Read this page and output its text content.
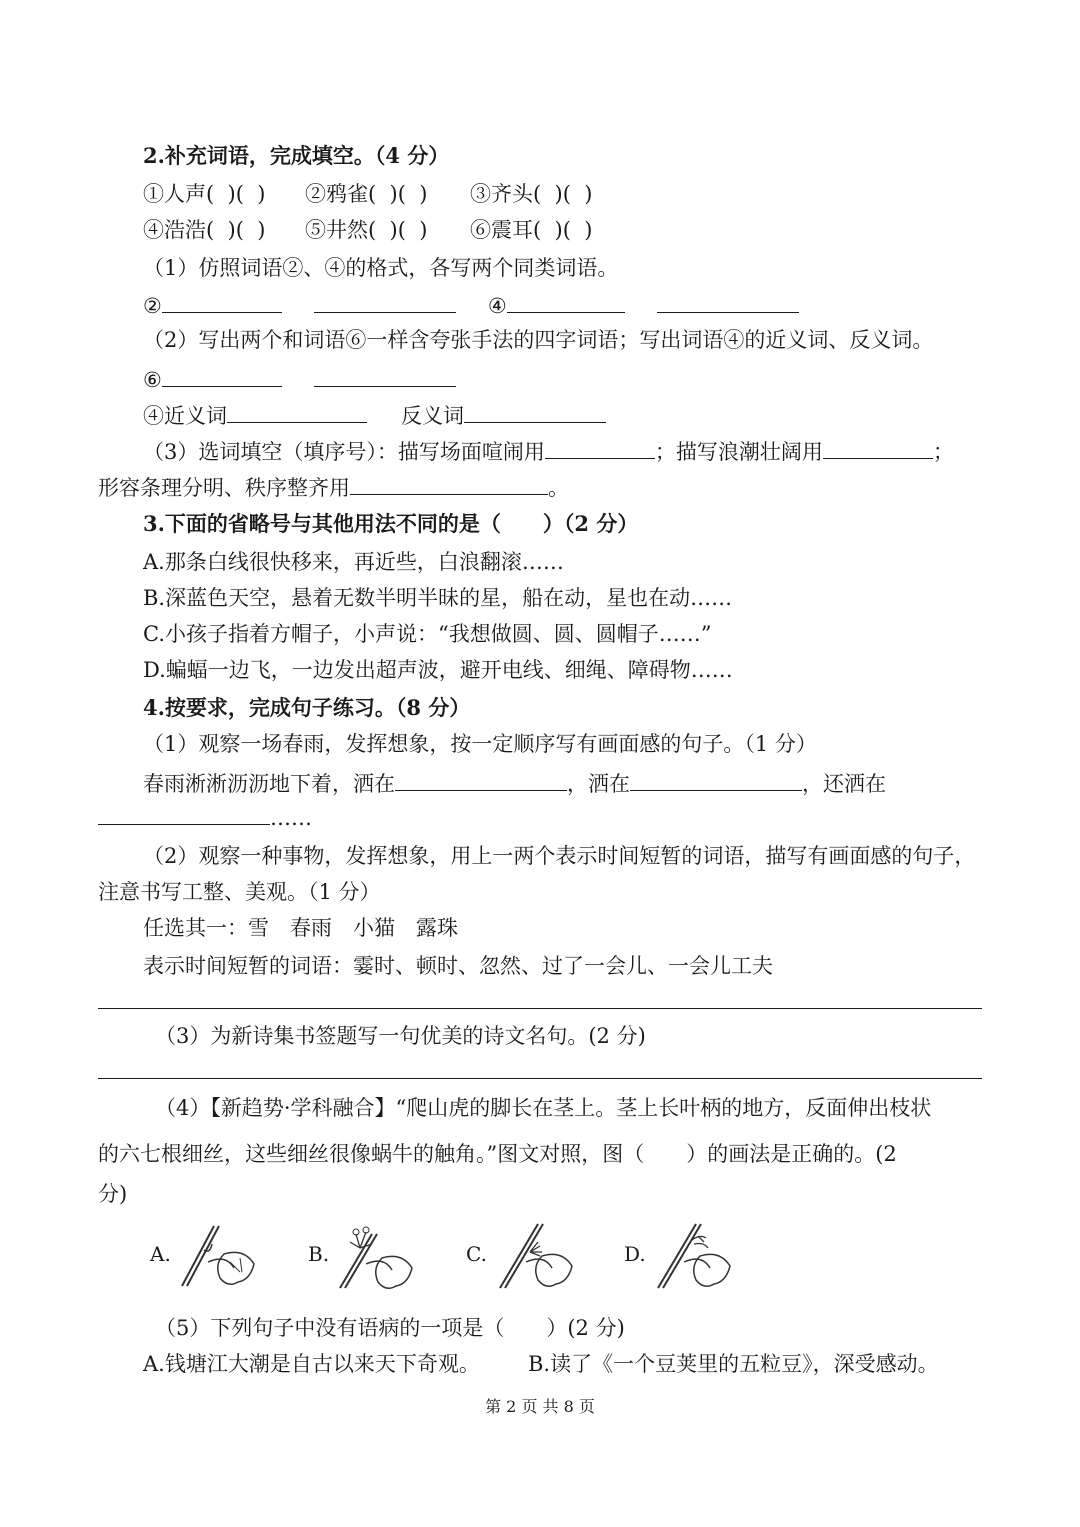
2.补充词语，完成填空。（4 分）
①人声(  )(  ) ②鸦雀(  )(  ) ③齐头(  )(  )
④浩浩(  )(  ) ⑤井然(  )(  ) ⑥震耳(  )(  )
（1）仿照词语②、④的格式，各写两个同类词语。
②	④
（2）写出两个和词语⑥一样含夸张手法的四字词语；写出词语④的近义词、反义词。
⑥
④近义词	反义词
（3）选词填空（填序号）：描写场面喧闹用	；描写浪潮壮阔用	；
形容条理分明、秩序整齐用	。
3.下面的省略号与其他用法不同的是（　　）（2 分）
A.那条白线很快移来，再近些，白浪翻滚……
B.深蓝色天空，悬着无数半明半昧的星，船在动，星也在动……
C.小孩子指着方帽子，小声说：“我想做圆、圆、圆帽子……”
D.蝙蝠一边飞，一边发出超声波，避开电线、细绳、障碍物……
4.按要求，完成句子练习。（8 分）
（1）观察一场春雨，发挥想象，按一定顺序写有画面感的句子。（1 分）
春雨淅淅沥沥地下着，洒在	，洒在	，还洒在
……
（2）观察一种事物，发挥想象，用上一两个表示时间短暂的词语，描写有画面感的句子，
注意书写工整、美观。（1 分）
任选其一：雪　春雨　小猫　露珠
表示时间短暂的词语：霎时、顿时、忽然、过了一会儿、一会儿工夫
（3）为新诗集书签题写一句优美的诗文名句。(2 分)
（4）【新趋势·学科融合】“爬山虎的脚长在茎上。茎上长叶柄的地方，反面伸出枝状
的六七根细丝，这些细丝很像蜗牛的触角。”图文对照，图（　　）的画法是正确的。(2
分)
A.	B.	C.	D.
（5）下列句子中没有语病的一项是（　　）(2 分)
A.钱塘江大潮是自古以来天下奇观。 B.读了《一个豆荚里的五粒豆》，深受感动。
第 2 页 共 8 页
